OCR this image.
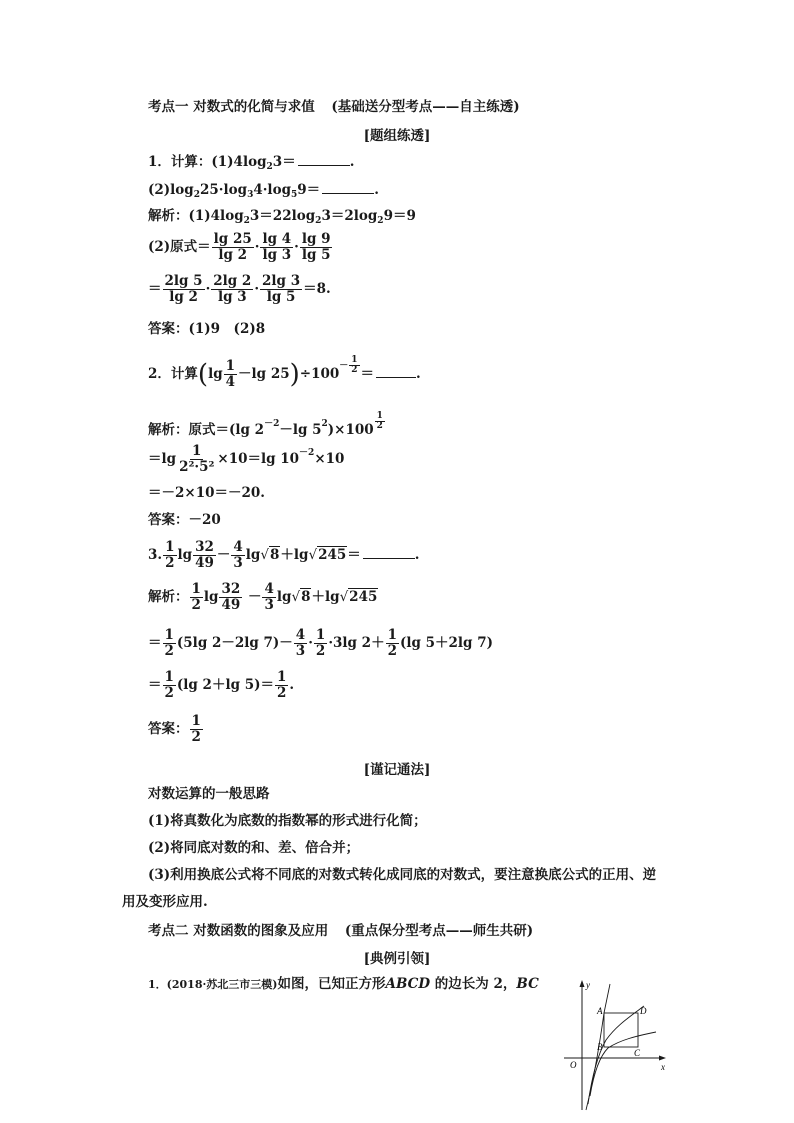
考点一 对数式的化简与求值 (基础送分型考点——自主练透)
[题组练透]
1．计算：$(1)4\log_23=$	.
$(2)\log_225\cdot\log_34\cdot\log_59=$	.
解析：$(1)4\log_23=22\log_23=2\log_29=9$
(2)原式＝ $\frac{\lg 25}{\lg 2} \cdot \frac{\lg 4}{\lg 3} \cdot \frac{\lg 9}{\lg 5}$
＝ $\frac{2\lg 5}{\lg 2} \cdot \frac{2\lg 2}{\lg 3} \cdot \frac{2\lg 3}{\lg 5} =8$.
答案：(1)9　(2)8
2．计算($\lg \frac{1}{4} -\lg$ $25)\div 100^{- \frac{1}{2}}$ ＝	.
解析：原式＝(lg $2^{-2}-\lg$ $5^2)\times 100$ $^{\frac{1}{2}}$
$=\lg \frac{1}{\text{2²·5²}} \times 10=\lg$ $10^{-2}\times 10$
＝－2×10＝－20.
答案：－20
3. $\frac{1}{2}$ $\lg \frac{32}{49} - \frac{4}{3} \lg√8+\lg√245=$	.
解析： $\frac{1}{2}$ $\lg \frac{32}{49} - \frac{4}{3} \lg√8+\lg√245$
＝ $\frac{1}{2} (5\lg$ 2－2lg $7)- \frac{4}{3} \cdot \frac{1}{2} \cdot 3\lg$ $2+ \frac{1}{2} (\lg$ 5＋2lg 7)
＝ $\frac{1}{2} (\lg$ 2＋lg $5)= \frac{1}{2}$ .
答案： $\frac{1}{2}$
[谨记通法]
对数运算的一般思路
(1)将真数化为底数的指数幂的形式进行化简；
(2)将同底对数的和、差、倍合并；
(3)利用换底公式将不同底的对数式转化成同底的对数式，要注意换底公式的正用、逆
用及变形应用.
考点二 对数函数的图象及应用 (重点保分型考点——师生共研)
[典例引领]
1．(2018·苏北三市三模)如图，已知正方形ABCD 的边长为 2，BC	y
x
O
A
B
C
D
